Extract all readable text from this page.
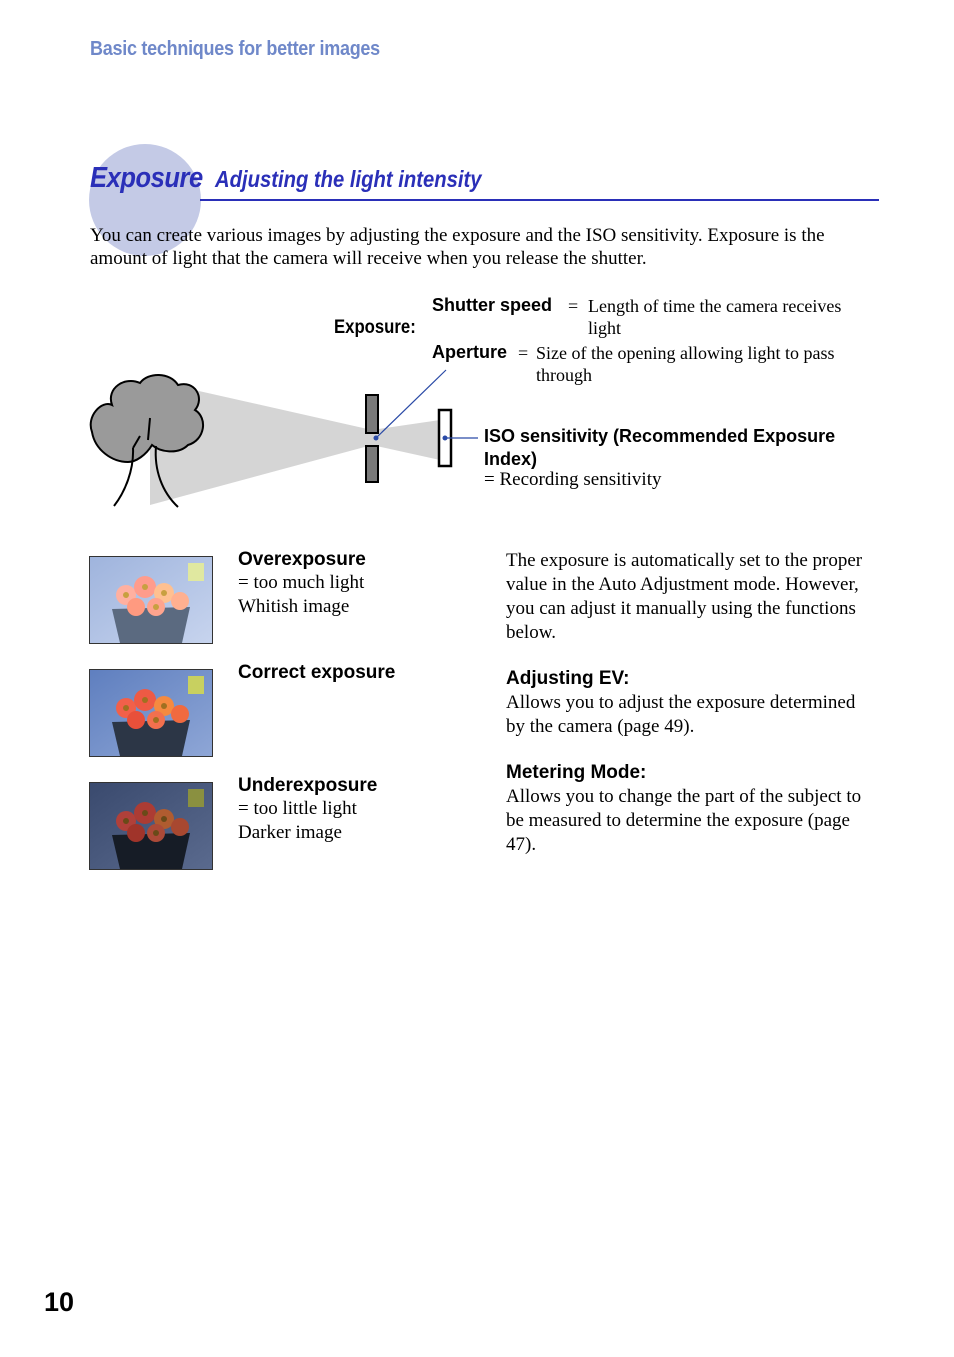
Basic techniques for better images
Exposure Adjusting the light intensity
You can create various images by adjusting the exposure and the ISO sensitivity. Exposure is the amount of light that the camera will receive when you release the shutter.
Exposure:
Shutter speed = Length of time the camera receives light
Aperture = Size of the opening allowing light to pass through
ISO sensitivity (Recommended Exposure Index)
= Recording sensitivity
Overexposure
= too much light
Whitish image
Correct exposure
Underexposure
= too little light
Darker image

The exposure is automatically set to the proper value in the Auto Adjustment mode. However, you can adjust it manually using the functions below.

Adjusting EV:

Allows you to adjust the exposure determined by the camera (page 49).

Metering Mode:

Allows you to change the part of the subject to be measured to determine the exposure (page 47).

10
